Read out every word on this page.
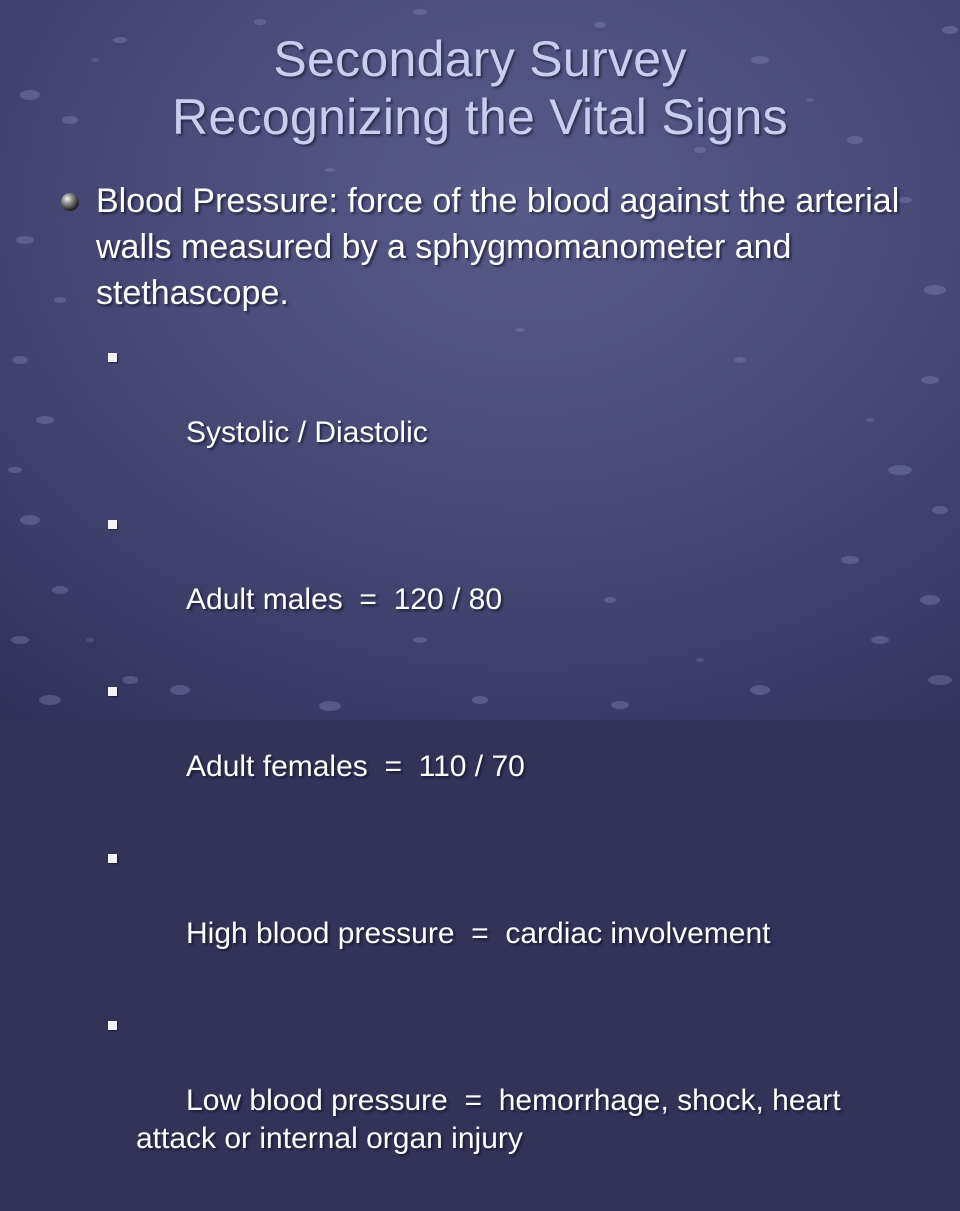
Secondary Survey
Recognizing the Vital Signs
Blood Pressure: force of the blood against the arterial walls measured by a sphygmomanometer and stethascope.

Systolic / Diastolic

Adult males  =  120 / 80

Adult females  =  110 / 70

High blood pressure  =  cardiac involvement

Low blood pressure  =  hemorrhage, shock, heart attack or internal organ injury
